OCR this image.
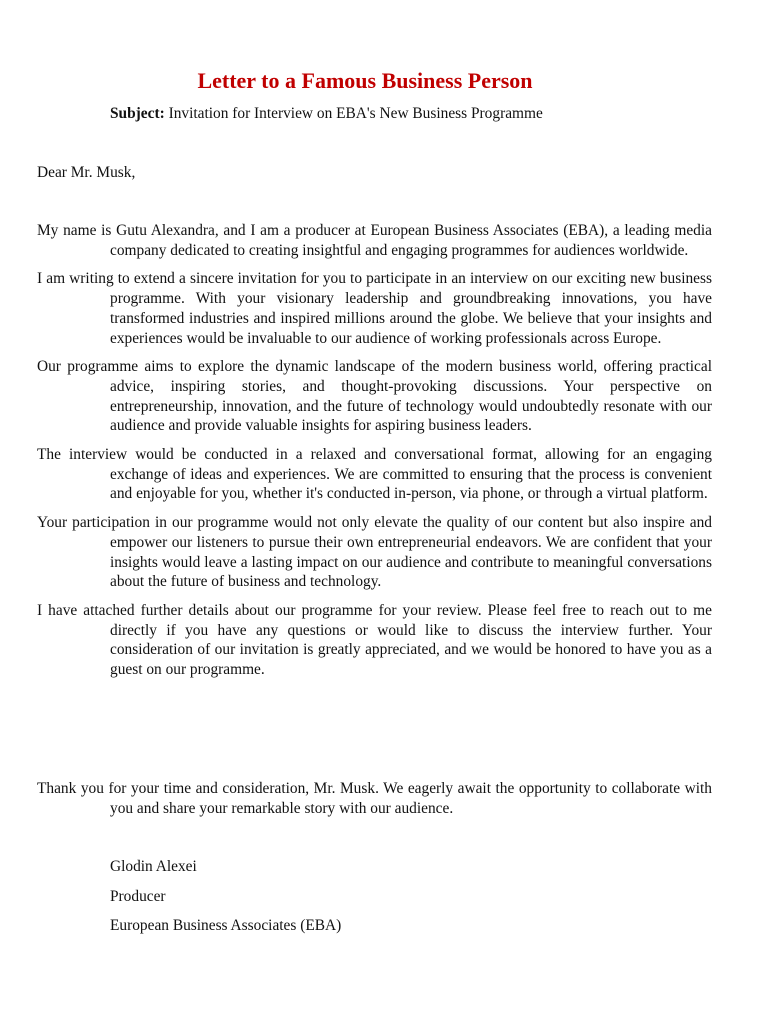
Letter to a Famous Business Person
Subject: Invitation for Interview on EBA's New Business Programme
Dear Mr. Musk,

My name is Gutu Alexandra, and I am a producer at European Business Associates (EBA), a leading media company dedicated to creating insightful and engaging programmes for audiences worldwide.

I am writing to extend a sincere invitation for you to participate in an interview on our exciting new business programme. With your visionary leadership and groundbreaking innovations, you have transformed industries and inspired millions around the globe. We believe that your insights and experiences would be invaluable to our audience of working professionals across Europe.

Our programme aims to explore the dynamic landscape of the modern business world, offering practical advice, inspiring stories, and thought-provoking discussions. Your perspective on entrepreneurship, innovation, and the future of technology would undoubtedly resonate with our audience and provide valuable insights for aspiring business leaders.

The interview would be conducted in a relaxed and conversational format, allowing for an engaging exchange of ideas and experiences. We are committed to ensuring that the process is convenient and enjoyable for you, whether it's conducted in-person, via phone, or through a virtual platform.

Your participation in our programme would not only elevate the quality of our content but also inspire and empower our listeners to pursue their own entrepreneurial endeavors. We are confident that your insights would leave a lasting impact on our audience and contribute to meaningful conversations about the future of business and technology.

I have attached further details about our programme for your review. Please feel free to reach out to me directly if you have any questions or would like to discuss the interview further. Your consideration of our invitation is greatly appreciated, and we would be honored to have you as a guest on our programme.

Thank you for your time and consideration, Mr. Musk. We eagerly await the opportunity to collaborate with you and share your remarkable story with our audience.

Glodin Alexei
Producer
European Business Associates (EBA)
